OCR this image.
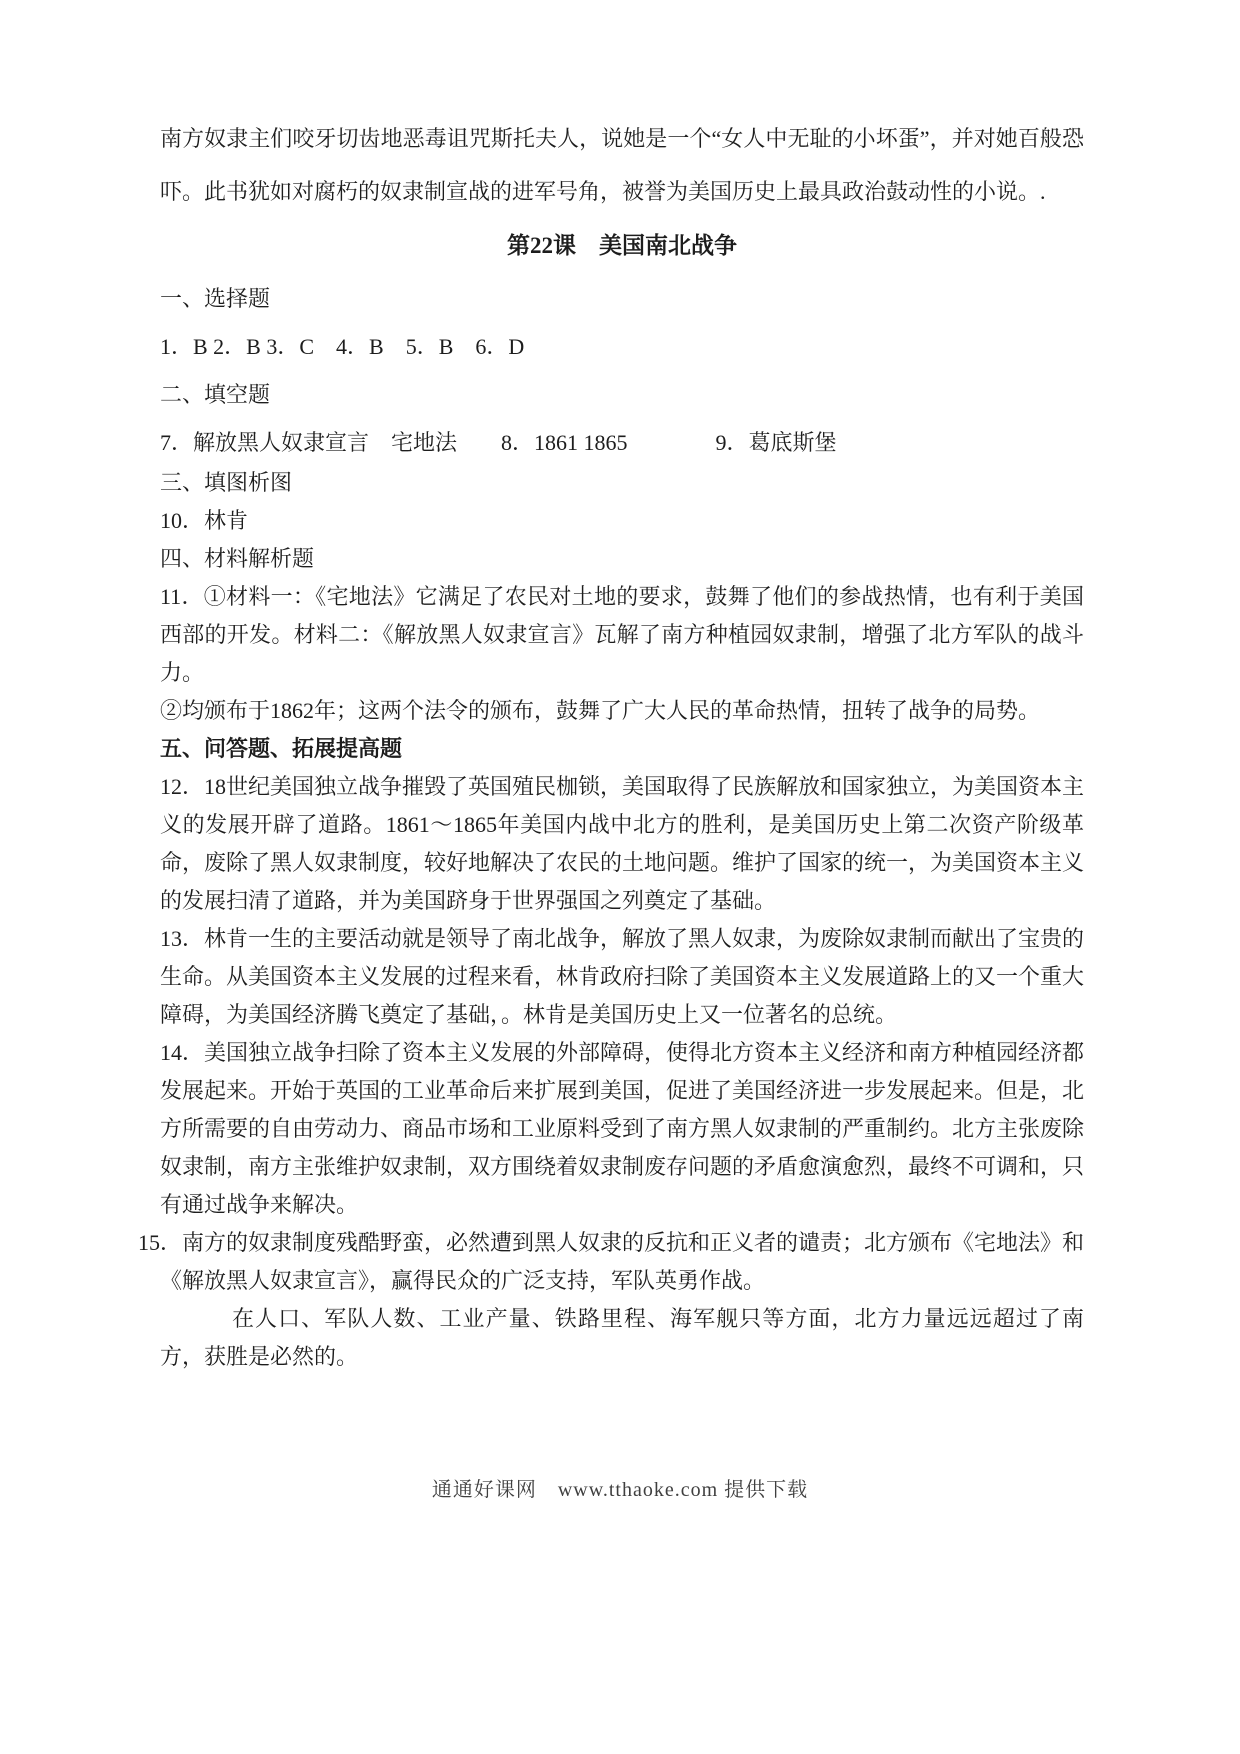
南方奴隶主们咬牙切齿地恶毒诅咒斯托夫人，说她是一个“女人中无耻的小坏蛋”，并对她百般恐吓。此书犹如对腐朽的奴隶制宣战的进军号角，被誉为美国历史上最具政治鼓动性的小说。.

第22课　美国南北战争

一、选择题

1．B 2．B 3．C　4．B　5．B　6．D

二、填空题

7．解放黑人奴隶宣言　宅地法　　8．1861 1865　　　　9．葛底斯堡

三、填图析图

10．林肯

四、材料解析题

11．①材料一：《宅地法》它满足了农民对土地的要求，鼓舞了他们的参战热情，也有利于美国西部的开发。材料二：《解放黑人奴隶宣言》瓦解了南方种植园奴隶制，增强了北方军队的战斗力。

②均颁布于1862年；这两个法令的颁布，鼓舞了广大人民的革命热情，扭转了战争的局势。

五、问答题、拓展提高题

12．18世纪美国独立战争摧毁了英国殖民枷锁，美国取得了民族解放和国家独立，为美国资本主义的发展开辟了道路。1861～1865年美国内战中北方的胜利，是美国历史上第二次资产阶级革命，废除了黑人奴隶制度，较好地解决了农民的土地问题。维护了国家的统一，为美国资本主义的发展扫清了道路，并为美国跻身于世界强国之列奠定了基础。

13．林肯一生的主要活动就是领导了南北战争，解放了黑人奴隶，为废除奴隶制而献出了宝贵的生命。从美国资本主义发展的过程来看，林肯政府扫除了美国资本主义发展道路上的又一个重大障碍，为美国经济腾飞奠定了基础，。林肯是美国历史上又一位著名的总统。

14．美国独立战争扫除了资本主义发展的外部障碍，使得北方资本主义经济和南方种植园经济都发展起来。开始于英国的工业革命后来扩展到美国，促进了美国经济进一步发展起来。但是，北方所需要的自由劳动力、商品市场和工业原料受到了南方黑人奴隶制的严重制约。北方主张废除奴隶制，南方主张维护奴隶制，双方围绕着奴隶制废存问题的矛盾愈演愈烈，最终不可调和，只有通过战争来解决。

15．南方的奴隶制度残酷野蛮，必然遭到黑人奴隶的反抗和正义者的谴责；北方颁布《宅地法》和《解放黑人奴隶宣言》，赢得民众的广泛支持，军队英勇作战。

在人口、军队人数、工业产量、铁路里程、海军舰只等方面，北方力量远远超过了南方，获胜是必然的。

通通好课网　www.tthaoke.com 提供下载
